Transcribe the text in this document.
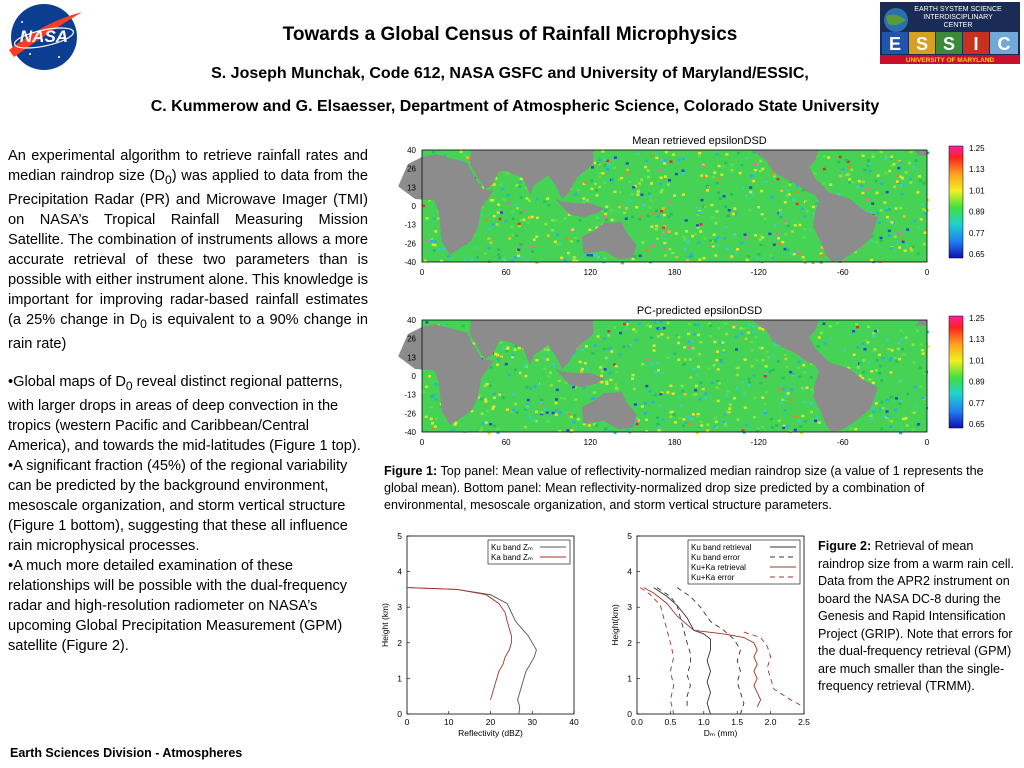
NASA
EARTH SYSTEM SCIENCE
INTERDISCIPLINARY
CENTER
E S S I C
UNIVERSITY OF MARYLAND
Towards a Global Census of Rainfall Microphysics
S. Joseph Munchak, Code 612, NASA GSFC and University of Maryland/ESSIC,
C. Kummerow and G. Elsaesser, Department of Atmospheric Science, Colorado State University

An experimental algorithm to retrieve rainfall rates and median raindrop size $(D_0)$ was applied to data from the Precipitation Radar (PR) and Microwave Imager (TMI) on NASA’s Tropical Rainfall Measuring Mission Satellite. The combination of instruments allows a more accurate retrieval of these two parameters than is possible with either instrument alone. This knowledge is important for improving radar-based rainfall estimates (a 25% change in $D_0$ is equivalent to a 90% change in rain rate)

•Global maps of $D_0$ reveal distinct regional patterns, with larger drops in areas of deep convection in the tropics (western Pacific and Caribbean/Central America), and towards the mid-latitudes (Figure 1 top).

•A significant fraction (45%) of the regional variability can be predicted by the background environment, mesoscale organization, and storm vertical structure (Figure 1 bottom), suggesting that these all influence rain microphysical processes.

•A much more detailed examination of these relationships will be possible with the dual-frequency radar and high-resolution radiometer on NASA’s upcoming Global Precipitation Measurement (GPM) satellite (Figure 2).

Mean retrieved epsilonDSD
40
26
13
0
-13
-26
-40
0	60	120	180	-120	-60	0
1.25
1.13
1.01
0.89
0.77
0.65
PC-predicted epsilonDSD
40
26
13
0
-13
-26
-40
0	60	120	180	-120	-60	0
1.25
1.13
1.01
0.89
0.77
0.65
Figure 1: Top panel: Mean value of reflectivity-normalized median raindrop size (a value of 1 represents the global mean). Bottom panel: Mean reflectivity-normalized drop size predicted by a combination of environmental, mesoscale organization, and storm vertical structure parameters.
0	10	20	30	40
0
1
2
3
4
5
Reflectivity (dBZ)
Height (km)
Ku band Zₘ
Ka band Zₘ
0.0	0.5	1.0	1.5	2.0	2.5
0
1
2
3
4
5
Dₘ (mm)
Height(km)
Ku band retrieval
Ku band error
Ku+Ka retrieval
Ku+Ka error
Figure 2: Retrieval of mean raindrop size from a warm rain cell. Data from the APR2 instrument on board the NASA DC-8 during the Genesis and Rapid Intensification Project (GRIP). Note that errors for the dual-frequency retrieval (GPM) are much smaller than the single-frequency retrieval (TRMM).
Earth Sciences Division - Atmospheres
